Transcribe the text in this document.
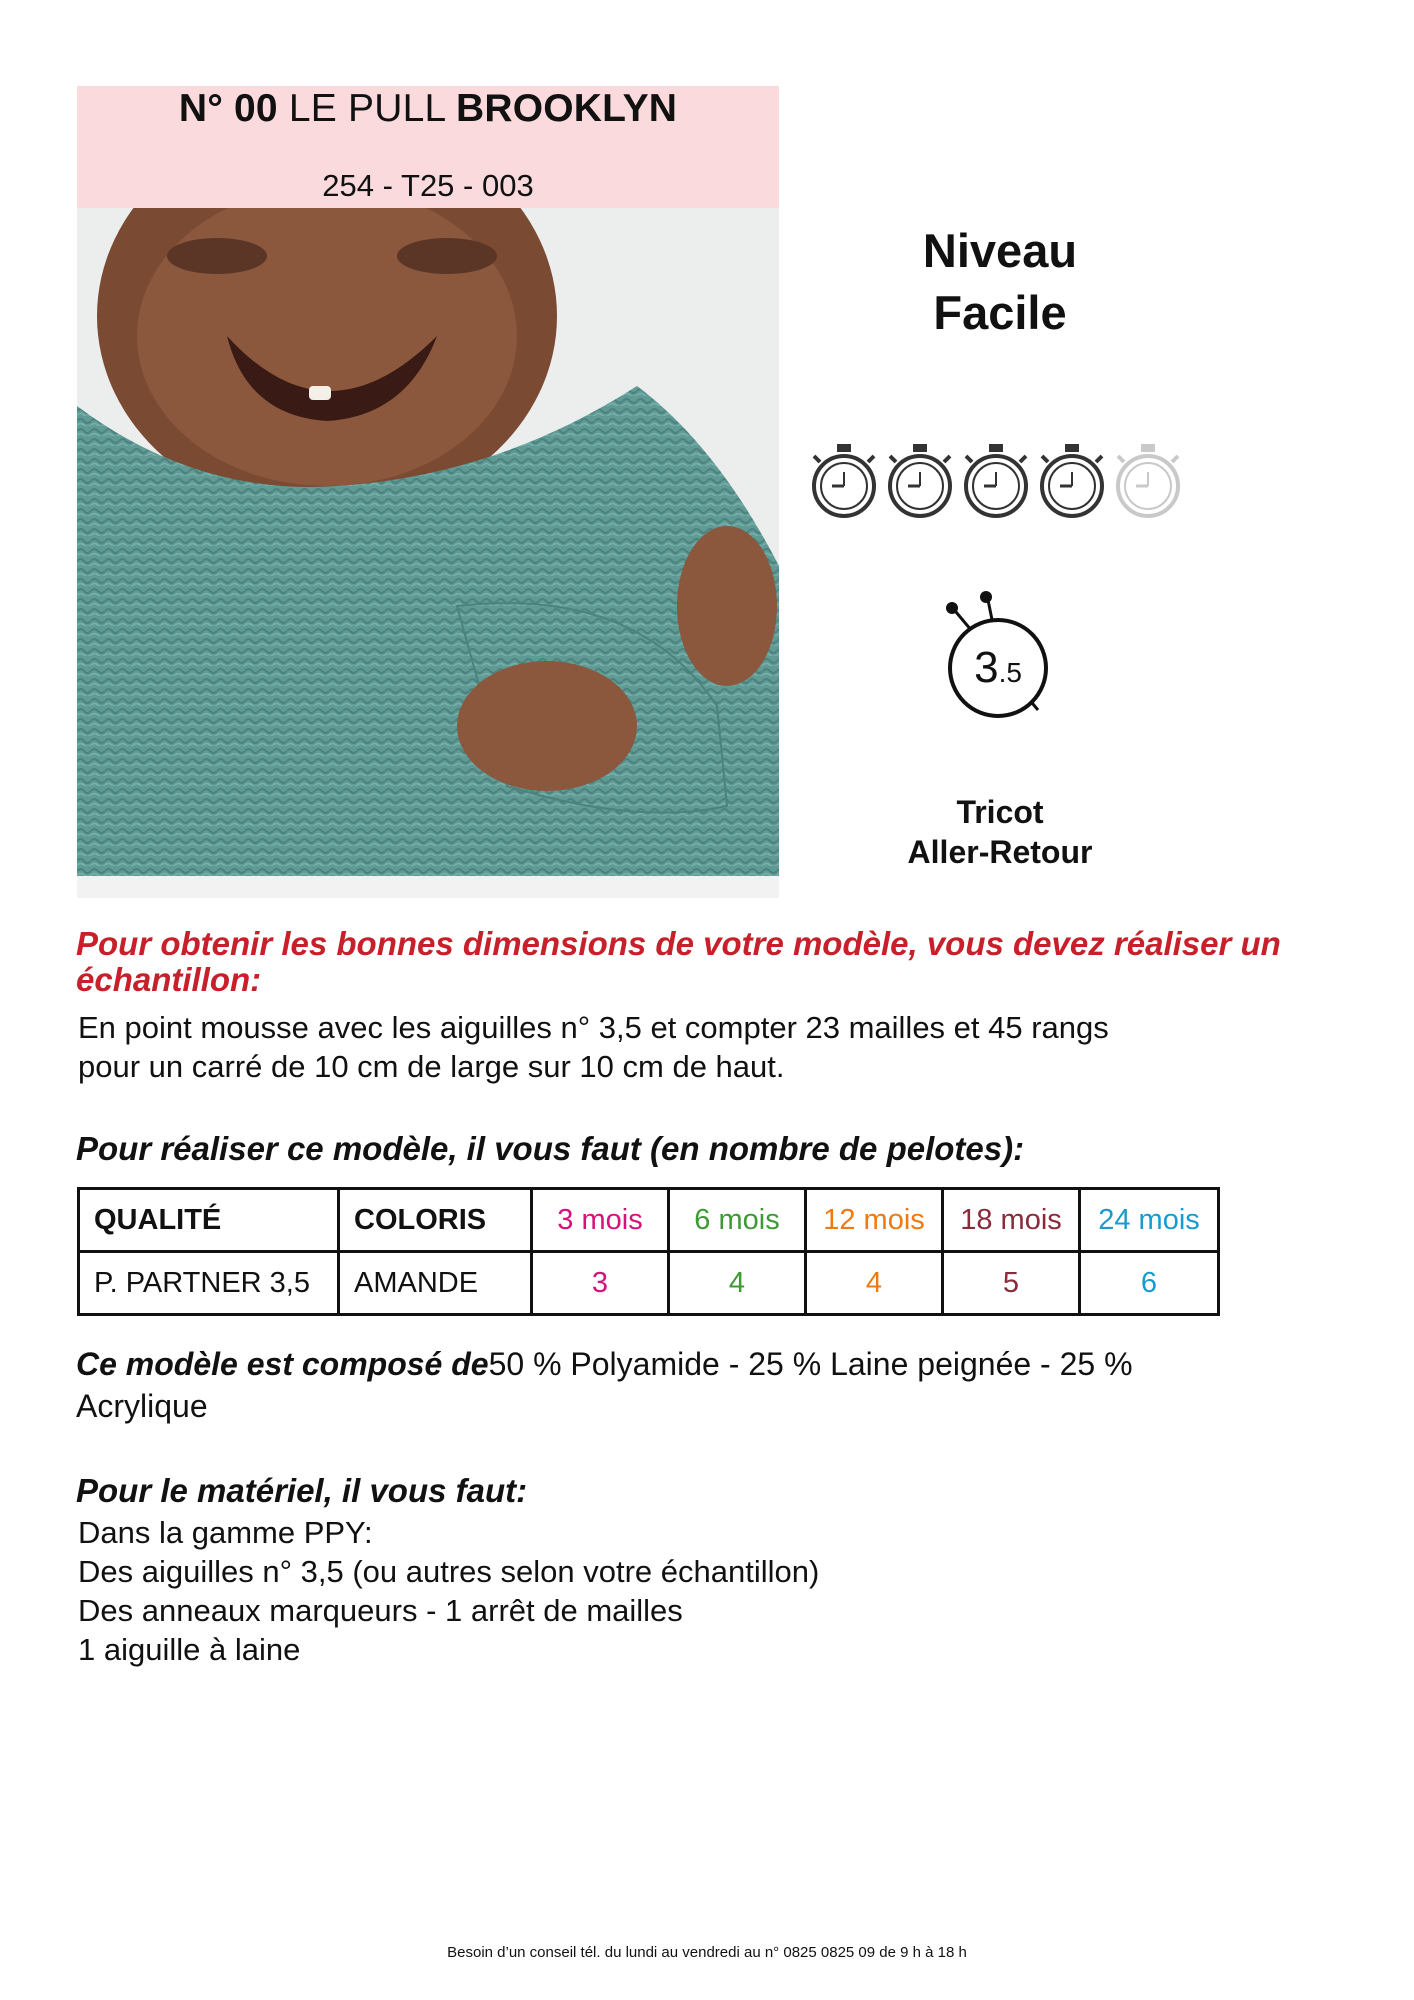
N° 00 LE PULL BROOKLYN
254 - T25 - 003
Niveau
Facile
3.5
Tricot
Aller-Retour
Pour obtenir les bonnes dimensions de votre modèle, vous devez réaliser un échantillon:
En point mousse avec les aiguilles n° 3,5 et compter 23 mailles et 45 rangs
pour un carré de 10 cm de large sur 10 cm de haut.
Pour réaliser ce modèle, il vous faut (en nombre de pelotes):
QUALITÉ	COLORIS	3 mois	6 mois	12 mois	18 mois	24 mois
P. PARTNER 3,5	AMANDE	3	4	4	5	6
Ce modèle est composé de50 % Polyamide - 25 % Laine peignée - 25 % Acrylique
Pour le matériel, il vous faut:
Dans la gamme PPY:
Des aiguilles n° 3,5 (ou autres selon votre échantillon)
Des anneaux marqueurs - 1 arrêt de mailles
1 aiguille à laine
Besoin d’un conseil tél. du lundi au vendredi au n° 0825 0825 09 de 9 h à 18 h
